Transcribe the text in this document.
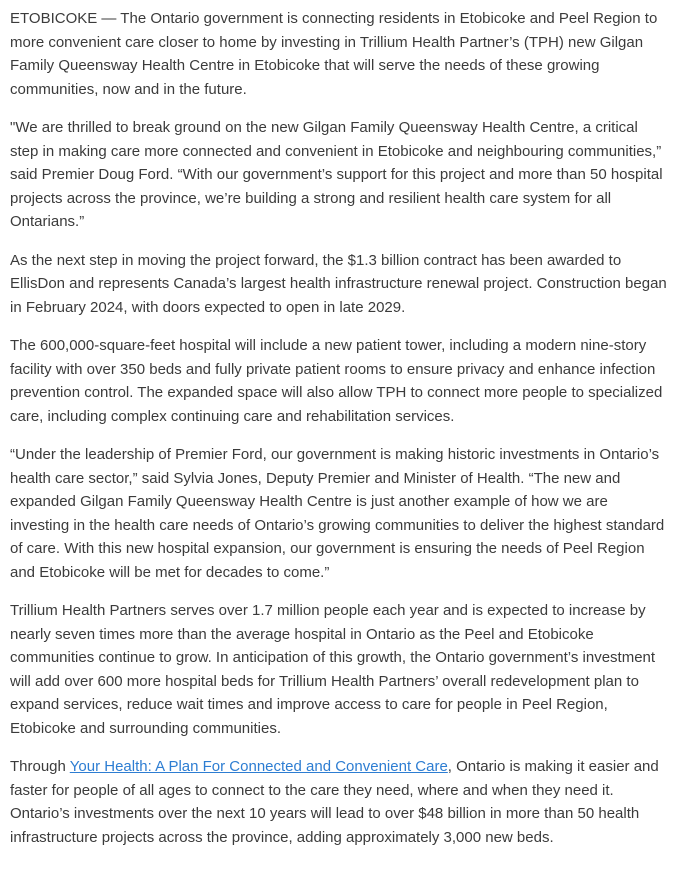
ETOBICOKE — The Ontario government is connecting residents in Etobicoke and Peel Region to more convenient care closer to home by investing in Trillium Health Partner’s (TPH) new Gilgan Family Queensway Health Centre in Etobicoke that will serve the needs of these growing communities, now and in the future.

"We are thrilled to break ground on the new Gilgan Family Queensway Health Centre, a critical step in making care more connected and convenient in Etobicoke and neighbouring communities,” said Premier Doug Ford. “With our government’s support for this project and more than 50 hospital projects across the province, we’re building a strong and resilient health care system for all Ontarians.”

As the next step in moving the project forward, the $1.3 billion contract has been awarded to EllisDon and represents Canada’s largest health infrastructure renewal project. Construction began in February 2024, with doors expected to open in late 2029.

The 600,000-square-feet hospital will include a new patient tower, including a modern nine-story facility with over 350 beds and fully private patient rooms to ensure privacy and enhance infection prevention control. The expanded space will also allow TPH to connect more people to specialized care, including complex continuing care and rehabilitation services.

“Under the leadership of Premier Ford, our government is making historic investments in Ontario’s health care sector,” said Sylvia Jones, Deputy Premier and Minister of Health. “The new and expanded Gilgan Family Queensway Health Centre is just another example of how we are investing in the health care needs of Ontario’s growing communities to deliver the highest standard of care. With this new hospital expansion, our government is ensuring the needs of Peel Region and Etobicoke will be met for decades to come.”

Trillium Health Partners serves over 1.7 million people each year and is expected to increase by nearly seven times more than the average hospital in Ontario as the Peel and Etobicoke communities continue to grow. In anticipation of this growth, the Ontario government’s investment will add over 600 more hospital beds for Trillium Health Partners’ overall redevelopment plan to expand services, reduce wait times and improve access to care for people in Peel Region, Etobicoke and surrounding communities.

Through Your Health: A Plan For Connected and Convenient Care, Ontario is making it easier and faster for people of all ages to connect to the care they need, where and when they need it. Ontario’s investments over the next 10 years will lead to over $48 billion in more than 50 health infrastructure projects across the province, adding approximately 3,000 new beds.
